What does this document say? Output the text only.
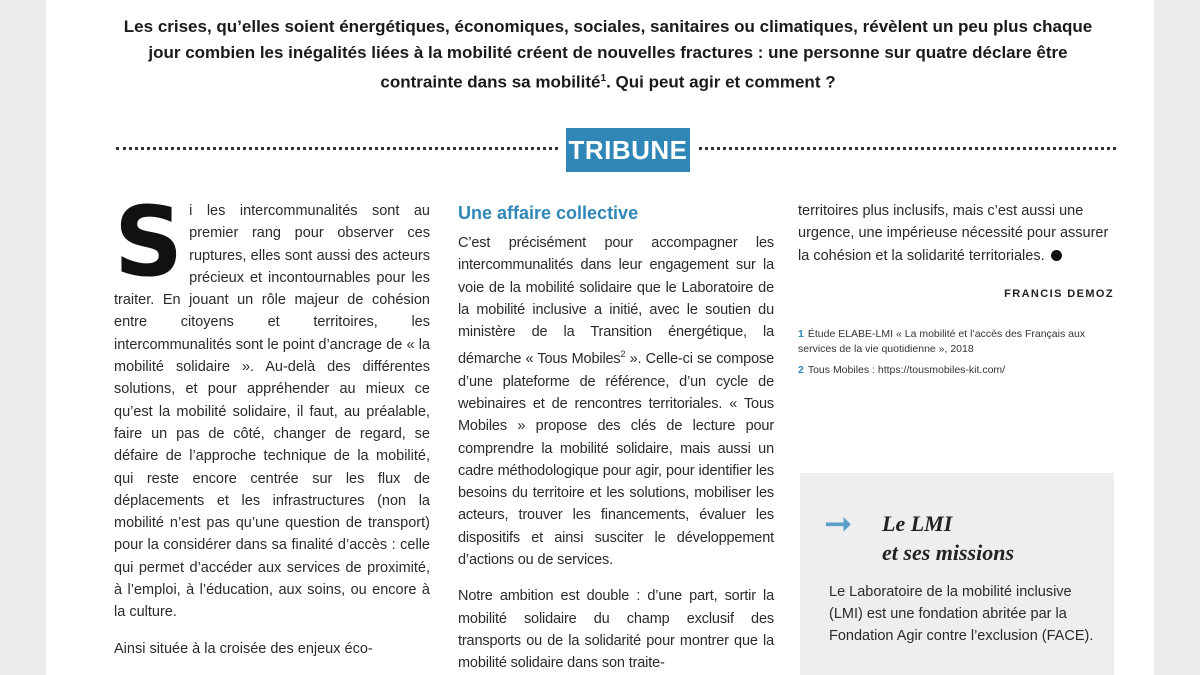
Les crises, qu’elles soient énergétiques, économiques, sociales, sanitaires ou climatiques, révèlent un peu plus chaque jour combien les inégalités liées à la mobilité créent de nouvelles fractures : une personne sur quatre déclare être contrainte dans sa mobilité$^1$. Qui peut agir et comment ?
TRIBUNE

Si les intercommunalités sont au premier rang pour observer ces ruptures, elles sont aussi des acteurs précieux et incontournables pour les traiter. En jouant un rôle majeur de cohésion entre citoyens et territoires, les intercommunalités sont le point d’ancrage de « la mobilité solidaire ». Au-delà des différentes solutions, et pour appréhender au mieux ce qu’est la mobilité solidaire, il faut, au préalable, faire un pas de côté, changer de regard, se défaire de l’approche technique de la mobilité, qui reste encore centrée sur les flux de déplacements et les infrastructures (non la mobilité n’est pas qu’une question de transport) pour la considérer dans sa finalité d’accès : celle qui permet d’accéder aux services de proximité, à l’emploi, à l’éducation, aux soins, ou encore à la culture.

Ainsi située à la croisée des enjeux éco-

Une affaire collective

C’est précisément pour accompagner les intercommunalités dans leur engagement sur la voie de la mobilité solidaire que le Laboratoire de la mobilité inclusive a initié, avec le soutien du ministère de la Transition énergétique, la démarche « Tous Mobiles$^2$ ». Celle-ci se compose d’une plateforme de référence, d’un cycle de webinaires et de rencontres territoriales. « Tous Mobiles » propose des clés de lecture pour comprendre la mobilité solidaire, mais aussi un cadre méthodologique pour agir, pour identifier les besoins du territoire et les solutions, mobiliser les acteurs, trouver les financements, évaluer les dispositifs et ainsi susciter le développement d’actions ou de services.

Notre ambition est double : d’une part, sortir la mobilité solidaire du champ exclusif des transports ou de la solidarité pour montrer que la mobilité solidaire dans son traite-

territoires plus inclusifs, mais c’est aussi une urgence, une impérieuse nécessité pour assurer la cohésion et la solidarité territoriales.

FRANCIS DEMOZ
1 Étude ELABE-LMI « La mobilité et l’accès des Français aux services de la vie quotidienne », 2018
2 Tous Mobiles : https://tousmobiles-kit.com/
➞ Le LMI
et ses missions
Le Laboratoire de la mobilité inclusive (LMI) est une fondation abritée par la Fondation Agir contre l’exclusion (FACE).
